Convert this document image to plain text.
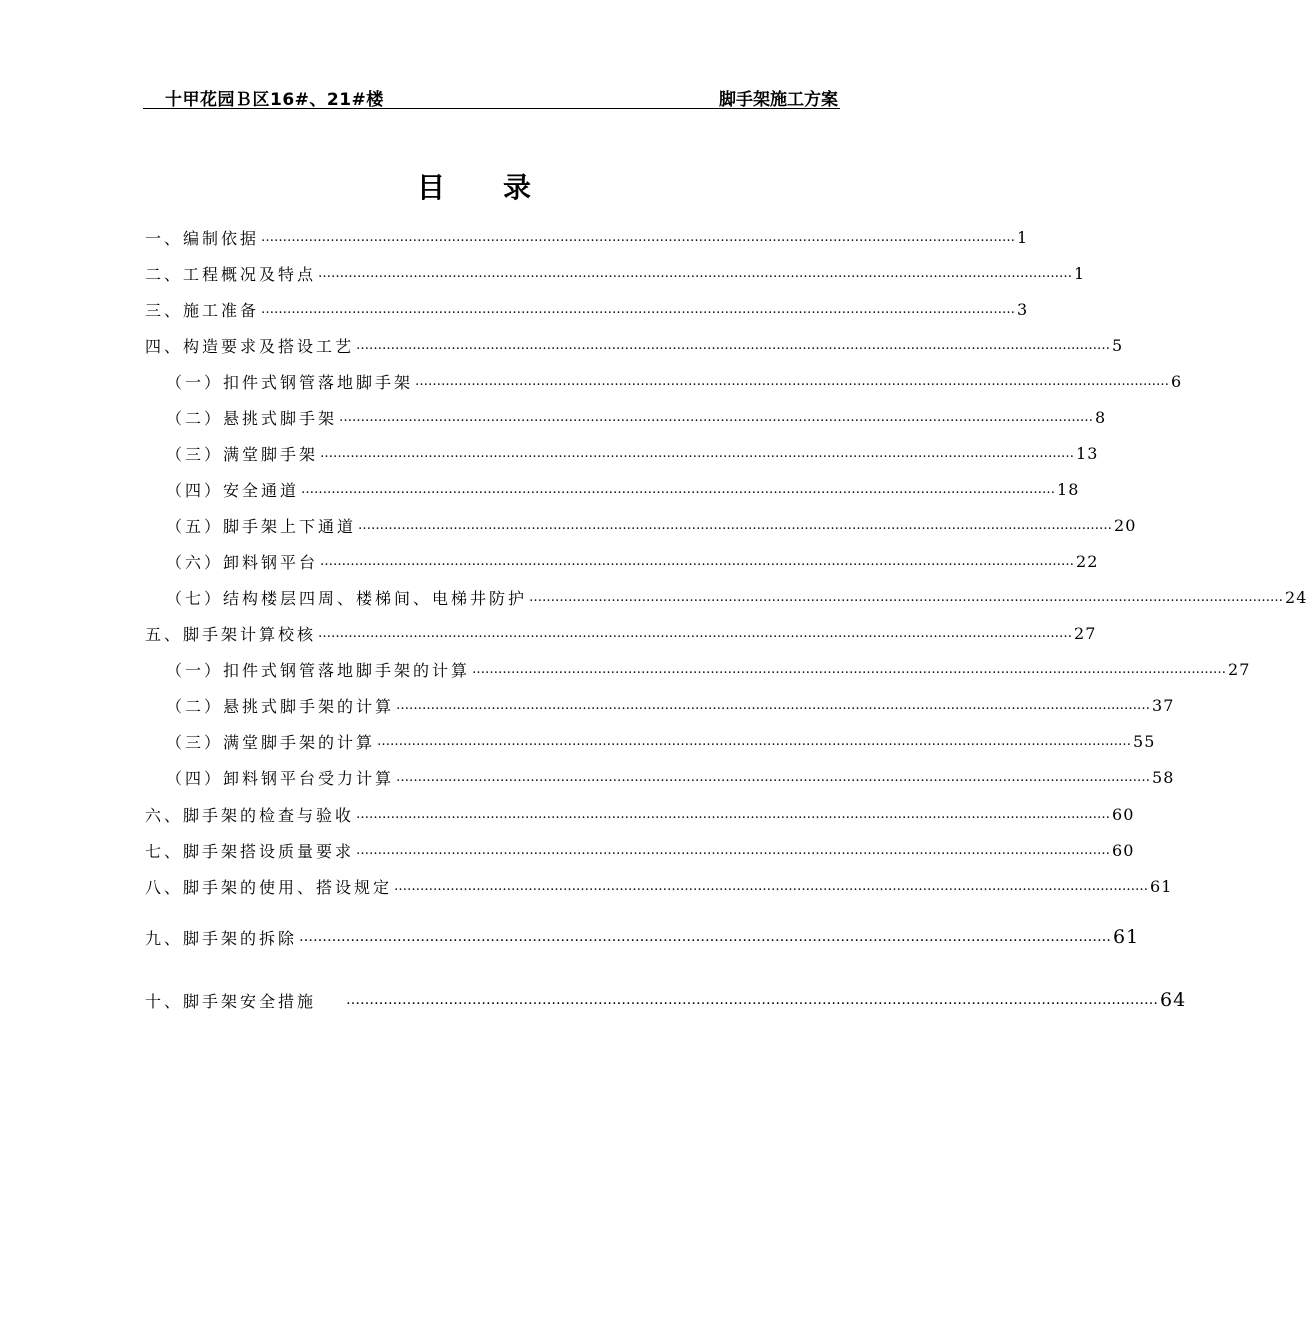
十甲花园Ｂ区16#、21#楼	脚手架施工方案
目 录
一、编制依据 ………………………………………………………………………………………………………………………………………………………… 1
二、工程概况及特点 ………………………………………………………………………………………………………………………………………………………… 1
三、施工准备 ………………………………………………………………………………………………………………………………………………………… 3
四、构造要求及搭设工艺 ………………………………………………………………………………………………………………………………………………………… 5
（一）扣件式钢管落地脚手架 ………………………………………………………………………………………………………………………………………………………… 6
（二）悬挑式脚手架 ………………………………………………………………………………………………………………………………………………………… 8
（三）满堂脚手架 ………………………………………………………………………………………………………………………………………………………… 13
（四）安全通道 ………………………………………………………………………………………………………………………………………………………… 18
（五）脚手架上下通道 ………………………………………………………………………………………………………………………………………………………… 20
（六）卸料钢平台 ………………………………………………………………………………………………………………………………………………………… 22
（七）结构楼层四周、楼梯间、电梯井防护 ………………………………………………………………………………………………………………………………………………………… 24
五、脚手架计算校核 ………………………………………………………………………………………………………………………………………………………… 27
（一）扣件式钢管落地脚手架的计算 ………………………………………………………………………………………………………………………………………………………… 27
（二）悬挑式脚手架的计算 ………………………………………………………………………………………………………………………………………………………… 37
（三）满堂脚手架的计算 ………………………………………………………………………………………………………………………………………………………… 55
（四）卸料钢平台受力计算 ………………………………………………………………………………………………………………………………………………………… 58
六、脚手架的检查与验收 ………………………………………………………………………………………………………………………………………………………… 60
七、脚手架搭设质量要求 ………………………………………………………………………………………………………………………………………………………… 60
八、脚手架的使用、搭设规定 ………………………………………………………………………………………………………………………………………………………… 61
九、脚手架的拆除 ………………………………………………………………………………………………………………………………………………………… 61
十、脚手架安全措施 ………………………………………………………………………………………………………………………………………………………… 64
